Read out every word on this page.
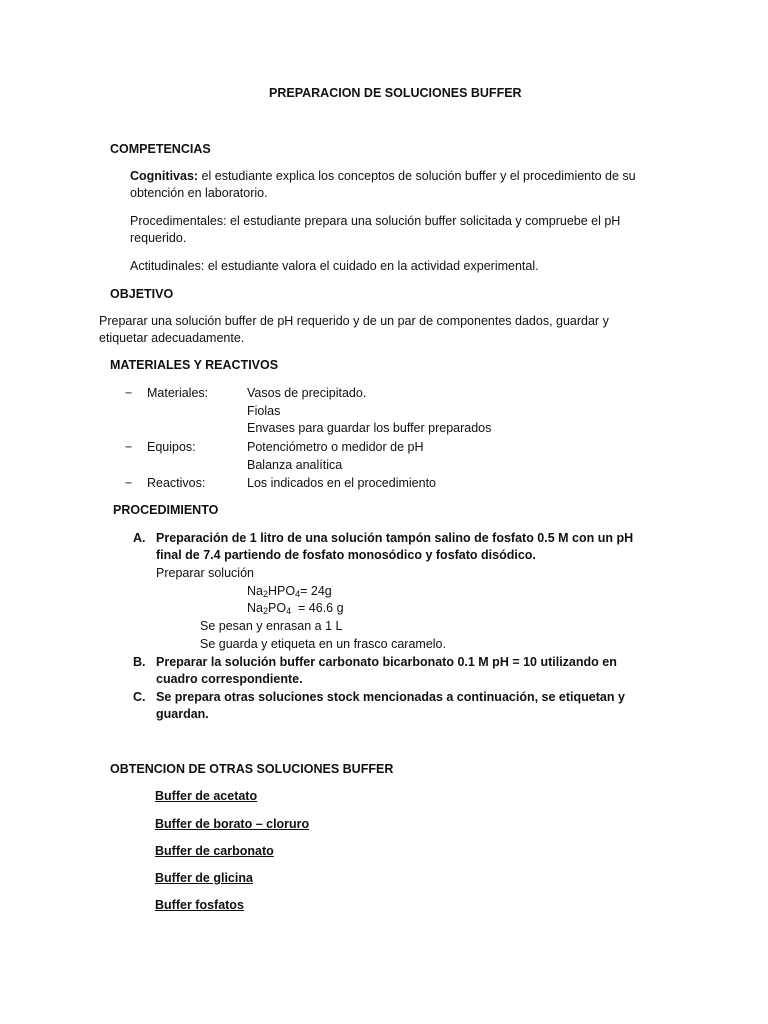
PREPARACION DE SOLUCIONES BUFFER
COMPETENCIAS
Cognitivas: el estudiante explica los conceptos de solución buffer y el procedimiento de su
obtención en laboratorio.
Procedimentales: el estudiante prepara una solución buffer solicitada y compruebe el pH
requerido.
Actitudinales: el estudiante valora el cuidado en la actividad experimental.
OBJETIVO
Preparar una solución buffer de pH requerido y de un par de componentes dados, guardar y
etiquetar adecuadamente.
MATERIALES Y REACTIVOS
− Materiales:	Vasos de precipitado.
Fiolas
Envases para guardar los buffer preparados
− Equipos:	Potenciómetro o medidor de pH
Balanza analítica
− Reactivos:	Los indicados en el procedimiento
PROCEDIMIENTO
A. Preparación de 1 litro de una solución tampón salino de fosfato 0.5 M con un pH
final de 7.4 partiendo de fosfato monosódico y fosfato disódico.
Preparar solución
$Na_2HPO_4= 24g$
$Na_2PO_4 = 46.6$ g
Se pesan y enrasan a 1 L
Se guarda y etiqueta en un frasco caramelo.
B. Preparar la solución buffer carbonato bicarbonato 0.1 M pH = 10 utilizando en
cuadro correspondiente.
C. Se prepara otras soluciones stock mencionadas a continuación, se etiquetan y
guardan.
OBTENCION DE OTRAS SOLUCIONES BUFFER
Buffer de acetato
Buffer de borato – cloruro
Buffer de carbonato
Buffer de glicina
Buffer fosfatos
